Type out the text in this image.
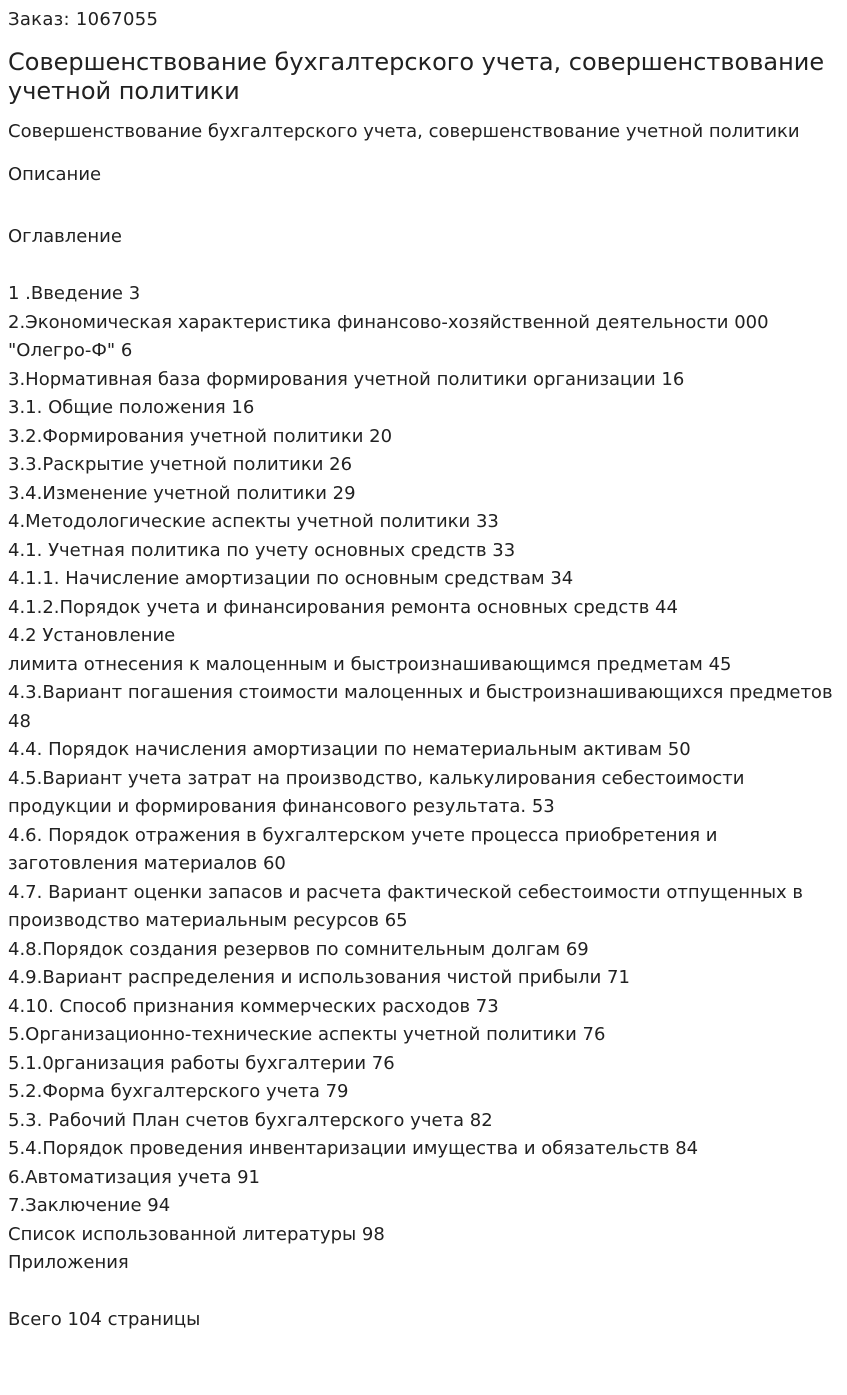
Заказ: 1067055
Совершенствование бухгалтерского учета, совершенствование учетной политики
Совершенствование бухгалтерского учета, совершенствование учетной политики
Описание
Оглавление
1 .Введение 3
2.Экономическая характеристика финансово-хозяйственной деятельности 000 "Олегро-Ф" 6
3.Нормативная база формирования учетной политики организации 16
3.1. Общие положения 16
3.2.Формирования учетной политики 20
3.3.Раскрытие учетной политики 26
3.4.Изменение учетной политики 29
4.Методологические аспекты учетной политики 33
4.1. Учетная политика по учету основных средств 33
4.1.1. Начисление амортизации по основным средствам 34
4.1.2.Порядок учета и финансирования ремонта основных средств 44
4.2 Установление
лимита отнесения к малоценным и быстроизнашивающимся предметам 45
4.3.Вариант погашения стоимости малоценных и быстроизнашивающихся предметов 48
4.4. Порядок начисления амортизации по нематериальным активам 50
4.5.Вариант учета затрат на производство, калькулирования себестоимости продукции и формирования финансового результата. 53
4.6. Порядок отражения в бухгалтерском учете процесса приобретения и заготовления материалов 60
4.7. Вариант оценки запасов и расчета фактической себестоимости отпущенных в производство материальным ресурсов 65
4.8.Порядок создания резервов по сомнительным долгам 69
4.9.Вариант распределения и использования чистой прибыли 71
4.10. Способ признания коммерческих расходов 73
5.Организационно-технические аспекты учетной политики 76
5.1.0рганизация работы бухгалтерии 76
5.2.Форма бухгалтерского учета 79
5.3. Рабочий План счетов бухгалтерского учета 82
5.4.Порядок проведения инвентаризации имущества и обязательств 84
6.Автоматизация учета 91
7.Заключение 94
Список использованной литературы 98
Приложения
Всего 104 страницы
